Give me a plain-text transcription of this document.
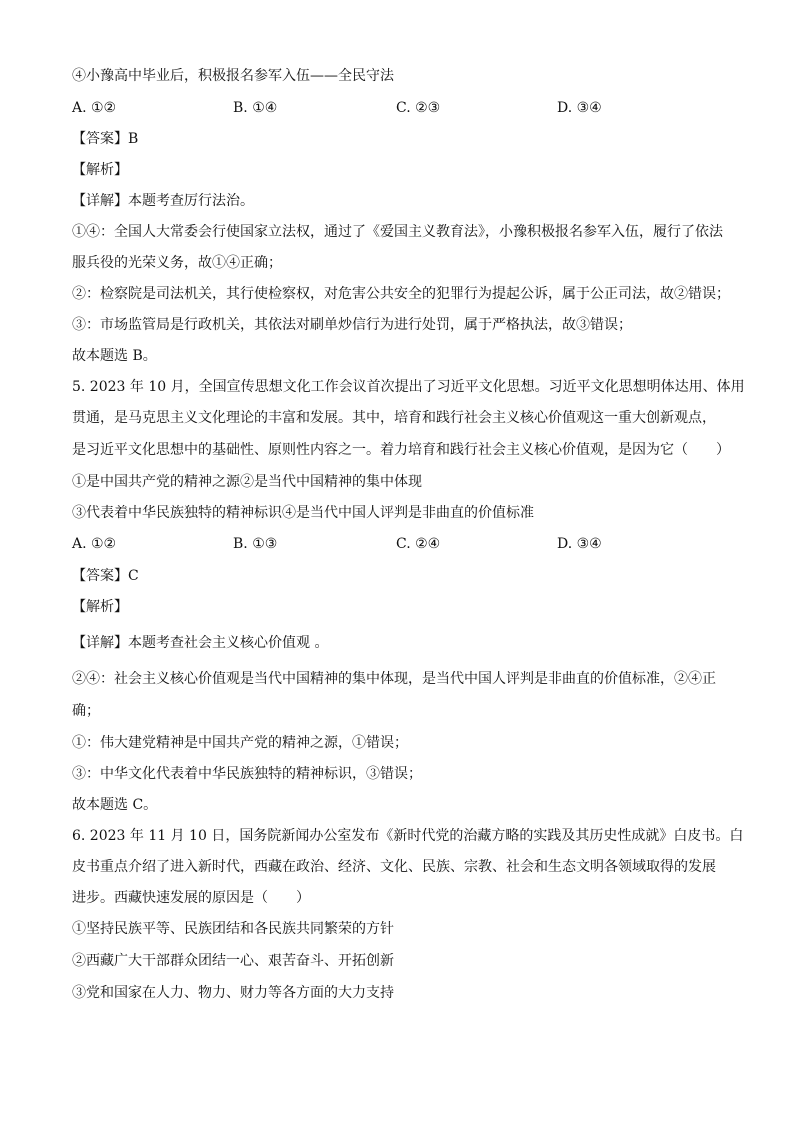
④小豫高中毕业后，积极报名参军入伍——全民守法
A. ①②	B. ①④	C. ②③	D. ③④
【答案】B
【解析】
【详解】本题考查厉行法治。
①④：全国人大常委会行使国家立法权，通过了《爱国主义教育法》，小豫积极报名参军入伍，履行了依法
服兵役的光荣义务，故①④正确；
②：检察院是司法机关，其行使检察权，对危害公共安全的犯罪行为提起公诉，属于公正司法，故②错误；
③：市场监管局是行政机关，其依法对刷单炒信行为进行处罚，属于严格执法，故③错误；
故本题选 B。
5. 2023 年 10 月，全国宣传思想文化工作会议首次提出了习近平文化思想。习近平文化思想明体达用、体用
贯通，是马克思主义文化理论的丰富和发展。其中，培育和践行社会主义核心价值观这一重大创新观点，
是习近平文化思想中的基础性、原则性内容之一。着力培育和践行社会主义核心价值观，是因为它（　　）
①是中国共产党的精神之源②是当代中国精神的集中体现
③代表着中华民族独特的精神标识④是当代中国人评判是非曲直的价值标准
A. ①②	B. ①③	C. ②④	D. ③④
【答案】C
【解析】
【详解】本题考查社会主义核心价值观 。
②④：社会主义核心价值观是当代中国精神的集中体现，是当代中国人评判是非曲直的价值标准，②④正
确；
①：伟大建党精神是中国共产党的精神之源，①错误；
③：中华文化代表着中华民族独特的精神标识，③错误；
故本题选 C。
6. 2023 年 11 月 10 日，国务院新闻办公室发布《新时代党的治藏方略的实践及其历史性成就》白皮书。白
皮书重点介绍了进入新时代，西藏在政治、经济、文化、民族、宗教、社会和生态文明各领域取得的发展
进步。西藏快速发展的原因是（　　）
①坚持民族平等、民族团结和各民族共同繁荣的方针
②西藏广大干部群众团结一心、艰苦奋斗、开拓创新
③党和国家在人力、物力、财力等各方面的大力支持
